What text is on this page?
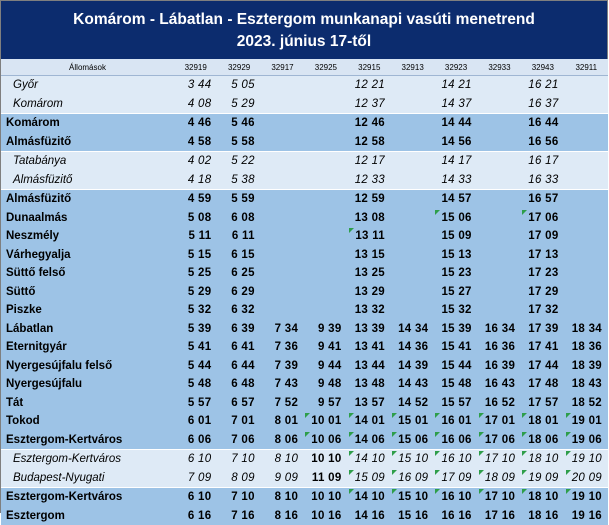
Komárom - Lábatlan - Esztergom munkanapi vasúti menetrend
2023. június 17-től
Állomások	32919	32929	32917	32925	32915	32913	32923	32933	32943	32911
Győr	3 44	5 05			12 21		14 21		16 21	
Komárom	4 08	5 29			12 37		14 37		16 37	
Komárom	4 46	5 46			12 46		14 44		16 44	
Almásfüzitő	4 58	5 58			12 58		14 56		16 56	
Tatabánya	4 02	5 22			12 17		14 17		16 17	
Almásfüzitő	4 18	5 38			12 33		14 33		16 33	
Almásfüzitő	4 59	5 59			12 59		14 57		16 57	
Dunaalmás	5 08	6 08			13 08		15 06		17 06	
Neszmély	5 11	6 11			13 11		15 09		17 09	
Várhegyalja	5 15	6 15			13 15		15 13		17 13	
Süttő felső	5 25	6 25			13 25		15 23		17 23	
Süttő	5 29	6 29			13 29		15 27		17 29	
Piszke	5 32	6 32			13 32		15 32		17 32	
Lábatlan	5 39	6 39	7 34	9 39	13 39	14 34	15 39	16 34	17 39	18 34
Eternitgyár	5 41	6 41	7 36	9 41	13 41	14 36	15 41	16 36	17 41	18 36
Nyergesújfalu felső	5 44	6 44	7 39	9 44	13 44	14 39	15 44	16 39	17 44	18 39
Nyergesújfalu	5 48	6 48	7 43	9 48	13 48	14 43	15 48	16 43	17 48	18 43
Tát	5 57	6 57	7 52	9 57	13 57	14 52	15 57	16 52	17 57	18 52
Tokod	6 01	7 01	8 01	10 01	14 01	15 01	16 01	17 01	18 01	19 01
Esztergom-Kertváros	6 06	7 06	8 06	10 06	14 06	15 06	16 06	17 06	18 06	19 06
Esztergom-Kertváros	6 10	7 10	8 10	10 10	14 10	15 10	16 10	17 10	18 10	19 10
Budapest-Nyugati	7 09	8 09	9 09	11 09	15 09	16 09	17 09	18 09	19 09	20 09
Esztergom-Kertváros	6 10	7 10	8 10	10 10	14 10	15 10	16 10	17 10	18 10	19 10
Esztergom	6 16	7 16	8 16	10 16	14 16	15 16	16 16	17 16	18 16	19 16
